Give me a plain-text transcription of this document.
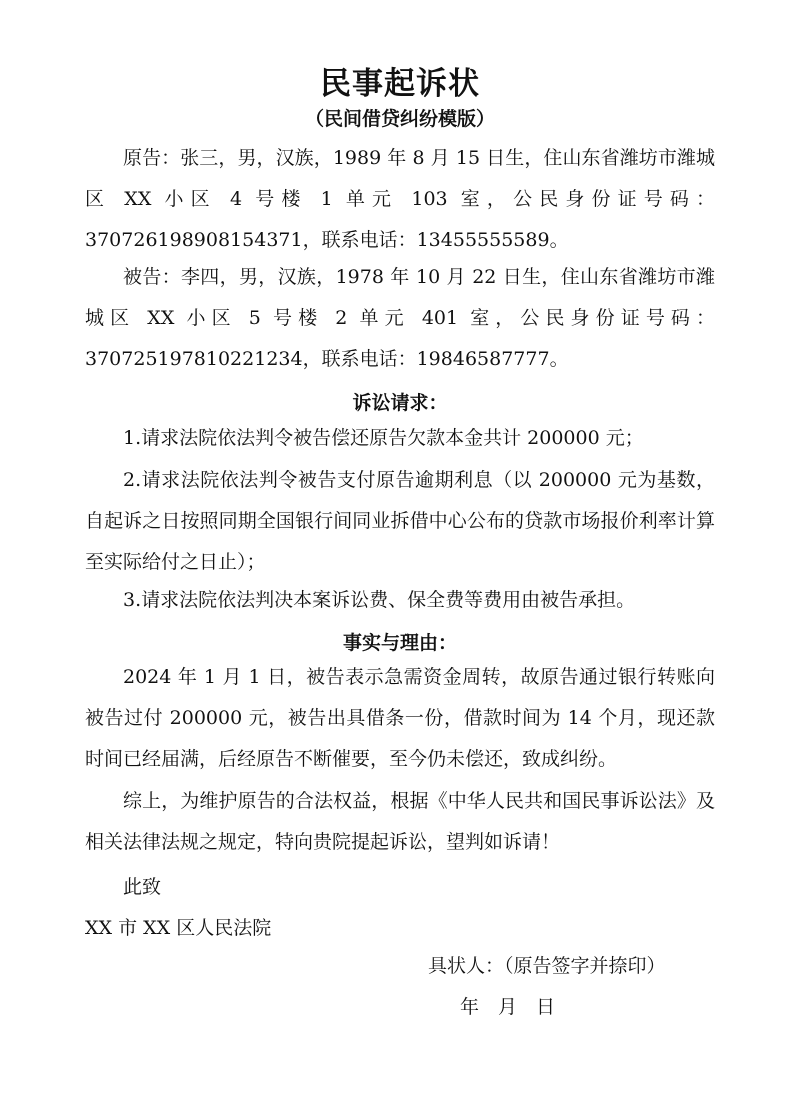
民事起诉状
（民间借贷纠纷模版）
原告：张三，男，汉族，1989 年 8 月 15 日生，住山东省潍坊市潍城区 XX 小区 4 号楼 1 单元 103 室，公民身份证号码：370726198908154371，联系电话：13455555589。
被告：李四，男，汉族，1978 年 10 月 22 日生，住山东省潍坊市潍城区 XX 小区 5 号楼 2 单元 401 室，公民身份证号码：370725197810221234，联系电话：19846587777。
诉讼请求：
1.请求法院依法判令被告偿还原告欠款本金共计 200000 元；
2.请求法院依法判令被告支付原告逾期利息（以 200000 元为基数，自起诉之日按照同期全国银行间同业拆借中心公布的贷款市场报价利率计算至实际给付之日止）；
3.请求法院依法判决本案诉讼费、保全费等费用由被告承担。
事实与理由：
2024 年 1 月 1 日，被告表示急需资金周转，故原告通过银行转账向被告过付 200000 元，被告出具借条一份，借款时间为 14 个月，现还款时间已经届满，后经原告不断催要，至今仍未偿还，致成纠纷。
综上，为维护原告的合法权益，根据《中华人民共和国民事诉讼法》及相关法律法规之规定，特向贵院提起诉讼，望判如诉请！
此致
XX 市 XX 区人民法院
具状人：（原告签字并捺印）
年　月　日
